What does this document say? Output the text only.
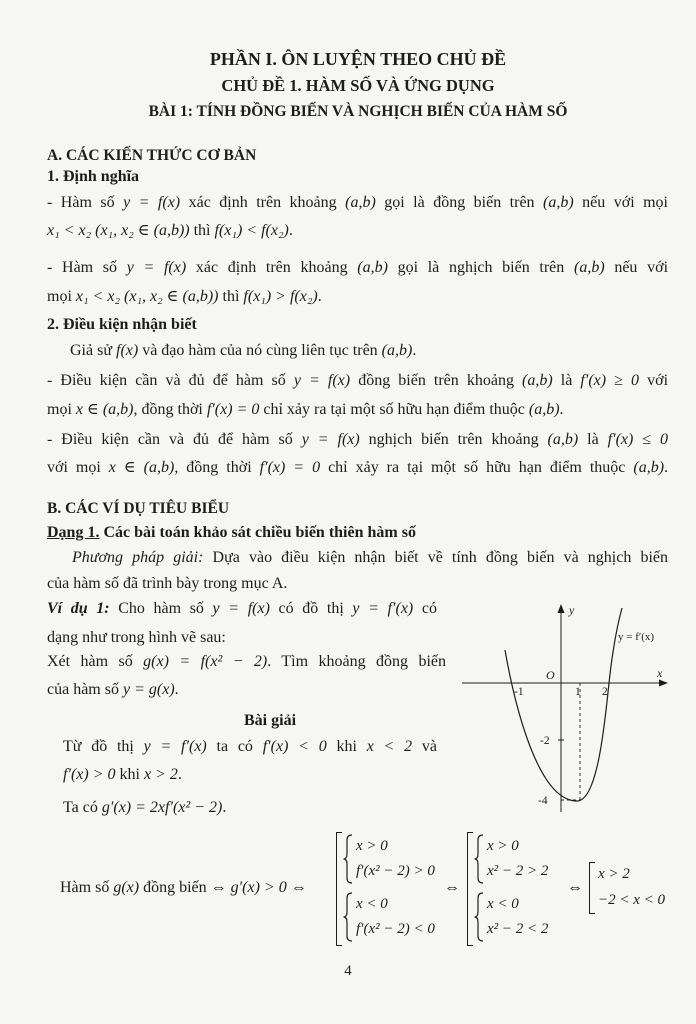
PHẦN I. ÔN LUYỆN THEO CHỦ ĐỀ
CHỦ ĐỀ 1. HÀM SỐ VÀ ỨNG DỤNG
BÀI 1: TÍNH ĐỒNG BIẾN VÀ NGHỊCH BIẾN CỦA HÀM SỐ
A. CÁC KIẾN THỨC CƠ BẢN
1. Định nghĩa
- Hàm số y = f(x) xác định trên khoảng (a,b) gọi là đồng biến trên (a,b) nếu với mọi
x₁ < x₂ (x₁, x₂ ∈ (a,b)) thì f(x₁) < f(x₂).
- Hàm số y = f(x) xác định trên khoảng (a,b) gọi là nghịch biến trên (a,b) nếu với
mọi x₁ < x₂ (x₁, x₂ ∈ (a,b)) thì f(x₁) > f(x₂).
2. Điều kiện nhận biết
Giả sử f(x) và đạo hàm của nó cùng liên tục trên (a,b).
- Điều kiện cần và đủ để hàm số y = f(x) đồng biến trên khoảng (a,b) là f′(x) ≥ 0 với
mọi x ∈ (a,b), đồng thời f′(x) = 0 chỉ xảy ra tại một số hữu hạn điểm thuộc (a,b).
- Điều kiện cần và đủ để hàm số y = f(x) nghịch biến trên khoảng (a,b) là f′(x) ≤ 0
với mọi x ∈ (a,b), đồng thời f′(x) = 0 chỉ xảy ra tại một số hữu hạn điểm thuộc (a,b).
B. CÁC VÍ DỤ TIÊU BIỂU
Dạng 1. Các bài toán khảo sát chiều biến thiên hàm số
Phương pháp giải: Dựa vào điều kiện nhận biết về tính đồng biến và nghịch biến
của hàm số đã trình bày trong mục A.
Ví dụ 1: Cho hàm số y = f(x) có đồ thị y = f′(x) có
dạng như trong hình vẽ sau:
Xét hàm số g(x) = f(x² − 2). Tìm khoảng đồng biến
của hàm số y = g(x).
Bài giải
Từ đồ thị y = f′(x) ta có f′(x) < 0 khi x < 2 và
f′(x) > 0 khi x > 2.
Ta có g′(x) = 2xf′(x² − 2).
Hàm số g(x) đồng biến ⇔ g′(x) > 0 ⇔
x > 0
f′(x² − 2) > 0
x < 0
f′(x² − 2) < 0
⇔
x > 0
x² − 2 > 2
x < 0
x² − 2 < 2
⇔
x > 2
−2 < x < 0
y
x
O
-1	1 2
-2
-4
y = f′(x)
4
